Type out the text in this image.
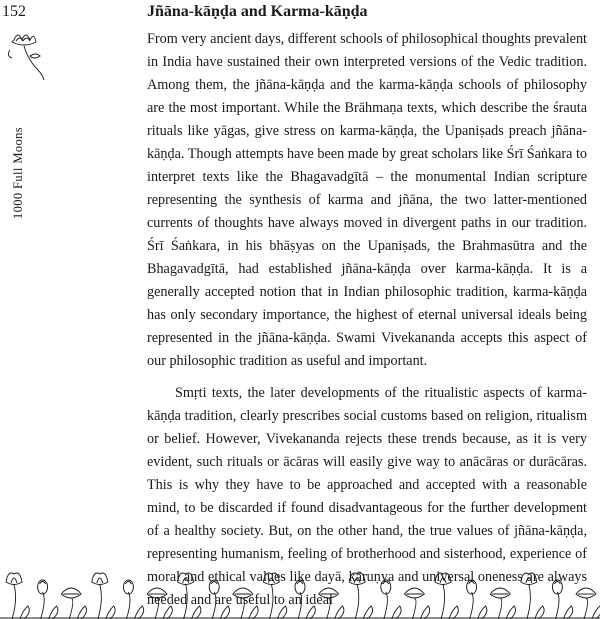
152	Jñāna-kāṇḍa and Karma-kāṇḍa
1000 Full Moons

From very ancient days, different schools of philosophical thoughts prevalent in India have sustained their own interpreted versions of the Vedic tradition. Among them, the jñāna-kāṇḍa and the karma-kāṇḍa schools of philosophy are the most important. While the Brāhmaṇa texts, which describe the śrauta rituals like yāgas, give stress on karma-kāṇḍa, the Upaniṣads preach jñāna-kāṇḍa. Though attempts have been made by great scholars like Śrī Śaṅkara to interpret texts like the Bhagavadgītā – the monumental Indian scripture representing the synthesis of karma and jñāna, the two latter-mentioned currents of thoughts have always moved in divergent paths in our tradition. Śrī Śaṅkara, in his bhāṣyas on the Upaniṣads, the Brahmasūtra and the Bhagavadgītā, had established jñāna-kāṇḍa over karma-kāṇḍa. It is a generally accepted notion that in Indian philosophic tradition, karma-kāṇḍa has only secondary importance, the highest of eternal universal ideals being represented in the jñāna-kāṇḍa. Swami Vivekananda accepts this aspect of our philosophic tradition as useful and important.

Smṛti texts, the later developments of the ritualistic aspects of karma-kāṇḍa tradition, clearly prescribes social customs based on religion, ritualism or belief. However, Vivekananda rejects these trends because, as it is very evident, such rituals or ācāras will easily give way to anācāras or durācāras. This is why they have to be approached and accepted with a reasonable mind, to be discarded if found disadvantageous for the further development of a healthy society. But, on the other hand, the true values of jñāna-kāṇḍa, representing humanism, feeling of brotherhood and sisterhood, experience of moral and ethical values like dayā, kāruṇya and universal oneness are always needed and are useful to an ideal
